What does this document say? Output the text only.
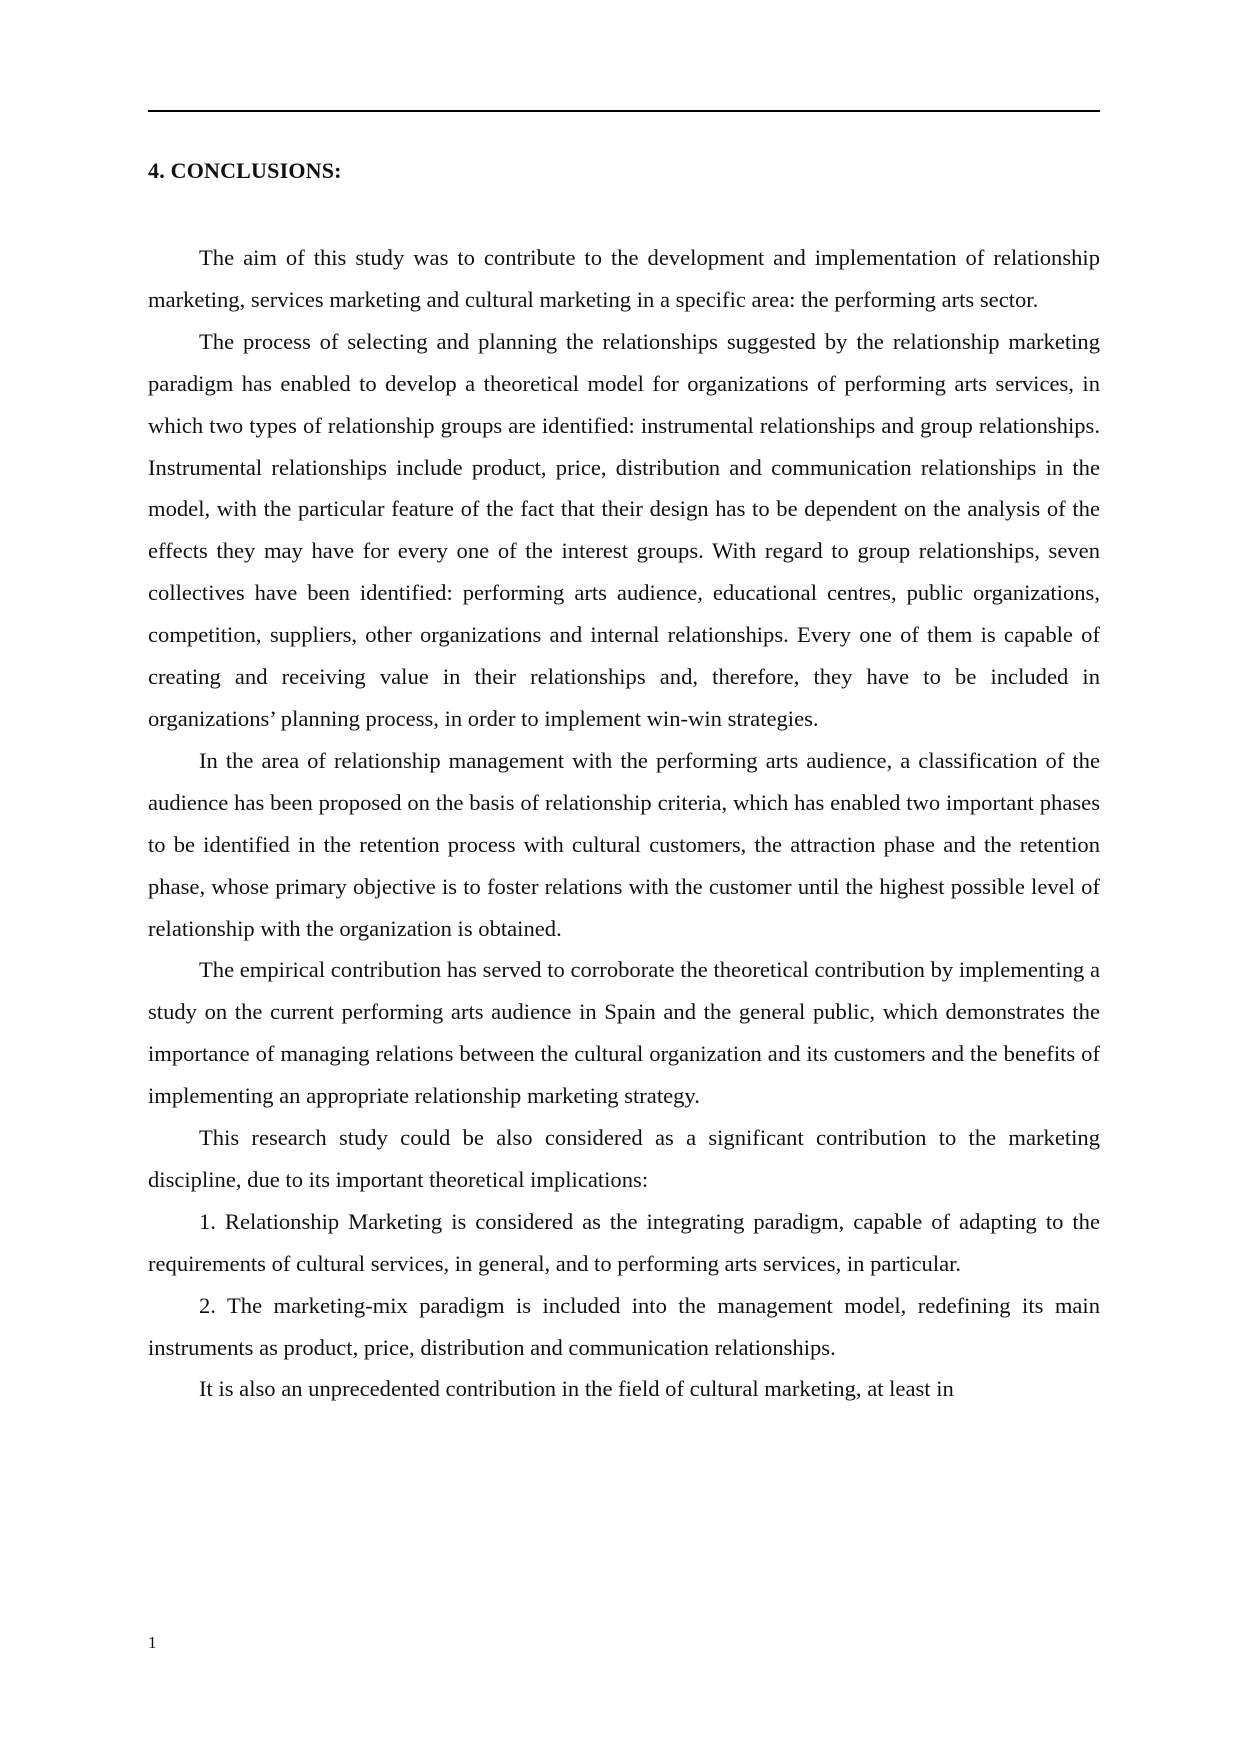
4. CONCLUSIONS:

The aim of this study was to contribute to the development and implementation of relationship marketing, services marketing and cultural marketing in a specific area: the performing arts sector.

The process of selecting and planning the relationships suggested by the relationship marketing paradigm has enabled to develop a theoretical model for organizations of performing arts services, in which two types of relationship groups are identified: instrumental relationships and group relationships. Instrumental relationships include product, price, distribution and communication relationships in the model, with the particular feature of the fact that their design has to be dependent on the analysis of the effects they may have for every one of the interest groups. With regard to group relationships, seven collectives have been identified: performing arts audience, educational centres, public organizations, competition, suppliers, other organizations and internal relationships. Every one of them is capable of creating and receiving value in their relationships and, therefore, they have to be included in organizations’ planning process, in order to implement win-win strategies.

In the area of relationship management with the performing arts audience, a classification of the audience has been proposed on the basis of relationship criteria, which has enabled two important phases to be identified in the retention process with cultural customers, the attraction phase and the retention phase, whose primary objective is to foster relations with the customer until the highest possible level of relationship with the organization is obtained.

The empirical contribution has served to corroborate the theoretical contribution by implementing a study on the current performing arts audience in Spain and the general public, which demonstrates the importance of managing relations between the cultural organization and its customers and the benefits of implementing an appropriate relationship marketing strategy.

This research study could be also considered as a significant contribution to the marketing discipline, due to its important theoretical implications:

1. Relationship Marketing is considered as the integrating paradigm, capable of adapting to the requirements of cultural services, in general, and to performing arts services, in particular.

2. The marketing-mix paradigm is included into the management model, redefining its main instruments as product, price, distribution and communication relationships.

It is also an unprecedented contribution in the field of cultural marketing, at least in

1
